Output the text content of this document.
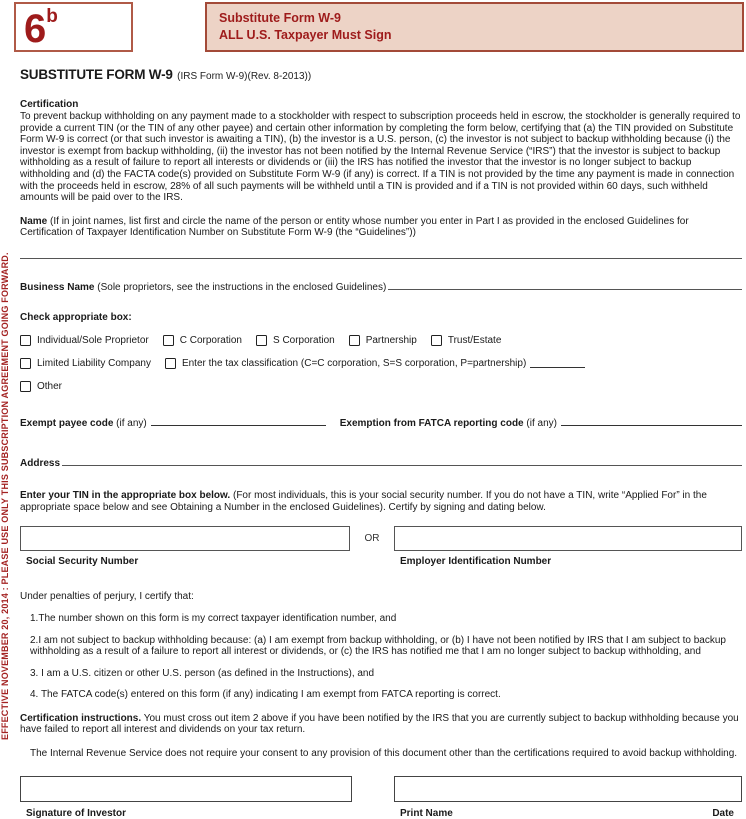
EFFECTIVE NOVEMBER 20, 2014 : PLEASE USE ONLY THIS SUBSCRIPTION AGREEMENT GOING FORWARD.
6b	Substitute Form W-9
ALL U.S. Taxpayer Must Sign
SUBSTITUTE FORM W-9 (IRS Form W-9)(Rev. 8-2013))
Certification

To prevent backup withholding on any payment made to a stockholder with respect to subscription proceeds held in escrow, the stockholder is generally required to provide a current TIN (or the TIN of any other payee) and certain other information by completing the form below, certifying that (a) the TIN provided on Substitute Form W-9 is correct (or that such investor is awaiting a TIN), (b) the investor is a U.S. person, (c) the investor is not subject to backup withholding because (i) the investor is exempt from backup withholding, (ii) the investor has not been notified by the Internal Revenue Service (“IRS”) that the investor is subject to backup withholding as a result of failure to report all interests or dividends or (iii) the IRS has notified the investor that the investor is no longer subject to backup withholding and (d) the FACTA code(s) provided on Substitute Form W-9 (if any) is correct. If a TIN is not provided by the time any payment is made in connection with the proceeds held in escrow, 28% of all such payments will be withheld until a TIN is provided and if a TIN is not provided within 60 days, such withheld amounts will be paid over to the IRS.

Name (If in joint names, list first and circle the name of the person or entity whose number you enter in Part I as provided in the enclosed Guidelines for Certification of Taxpayer Identification Number on Substitute Form W-9 (the “Guidelines”))

Business Name
(Sole proprietors, see the instructions in the enclosed Guidelines)
Check appropriate box:
Individual/Sole Proprietor	C Corporation	S Corporation	Partnership	Trust/Estate
Limited Liability Company	Enter the tax classification (C=C corporation, S=S corporation, P=partnership)
Other
Exempt payee code
(if any)	Exemption from FATCA reporting code
(if any)
Address

Enter your TIN in the appropriate box below. (For most individuals, this is your social security number. If you do not have a TIN, write “Applied For” in the appropriate space below and see Obtaining a Number in the enclosed Guidelines). Certify by signing and dating below.

OR
Social Security Number	Employer Identification Number

Under penalties of perjury, I certify that:

1.The number shown on this form is my correct taxpayer identification number, and

2.I am not subject to backup withholding because: (a) I am exempt from backup withholding, or (b) I have not been notified by IRS that I am subject to backup withholding as a result of a failure to report all interest or dividends, or (c) the IRS has notified me that I am no longer subject to backup withholding, and

3. I am a U.S. citizen or other U.S. person (as defined in the Instructions), and

4. The FATCA code(s) entered on this form (if any) indicating I am exempt from FATCA reporting is correct.

Certification instructions. You must cross out item 2 above if you have been notified by the IRS that you are currently subject to backup withholding because you have failed to report all interest and dividends on your tax return.

The Internal Revenue Service does not require your consent to any provision of this document other than the certifications required to avoid backup withholding.

Signature of Investor	Print Name	Date
